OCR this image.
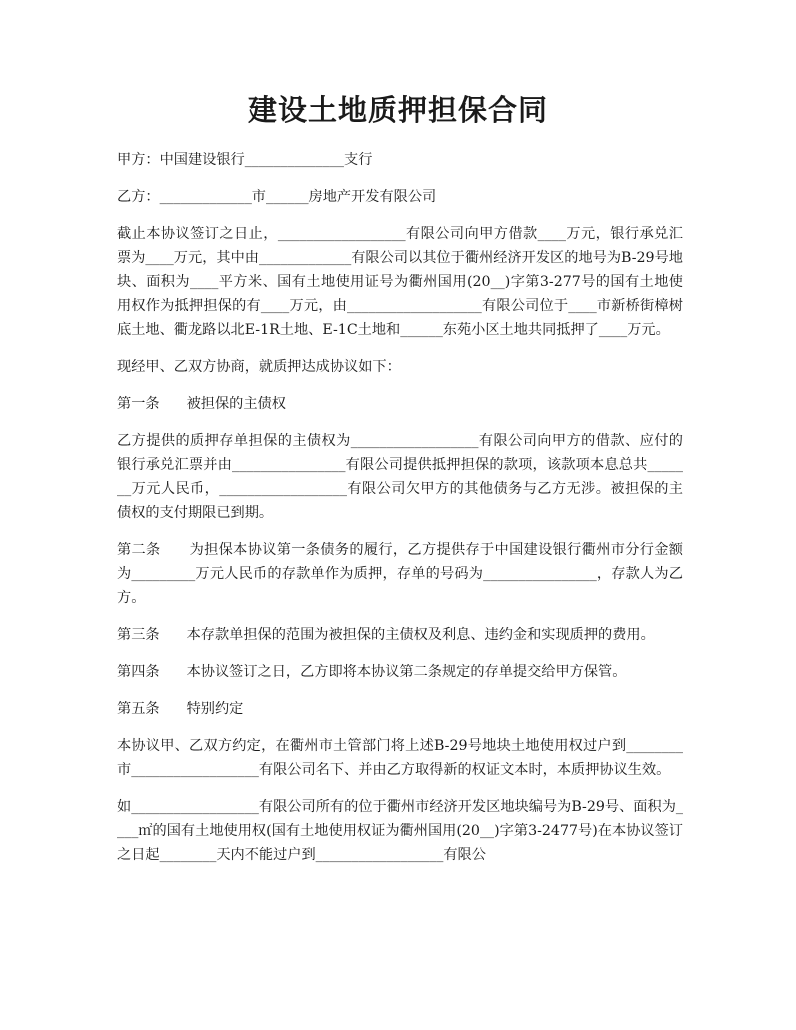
建设土地质押担保合同

甲方：中国建设银行______________支行

乙方：_____________市______房地产开发有限公司

截止本协议签订之日止，__________________有限公司向甲方借款____万元，银行承兑汇票为____万元，其中由_____________有限公司以其位于衢州经济开发区的地号为B-29号地块、面积为____平方米、国有土地使用证号为衢州国用(20__)字第3-277号的国有土地使用权作为抵押担保的有____万元，由___________________有限公司位于____市新桥街樟树底土地、衢龙路以北E-1R土地、E-1C土地和______东苑小区土地共同抵押了____万元。

现经甲、乙双方协商，就质押达成协议如下：

第一条      被担保的主债权

乙方提供的质押存单担保的主债权为__________________有限公司向甲方的借款、应付的银行承兑汇票并由________________有限公司提供抵押担保的款项，该款项本息总共_______万元人民币，__________________有限公司欠甲方的其他债务与乙方无涉。被担保的主债权的支付期限已到期。

第二条      为担保本协议第一条债务的履行，乙方提供存于中国建设银行衢州市分行金额为_________万元人民币的存款单作为质押，存单的号码为________________，存款人为乙方。

第三条      本存款单担保的范围为被担保的主债权及利息、违约金和实现质押的费用。

第四条      本协议签订之日，乙方即将本协议第二条规定的存单提交给甲方保管。

第五条      特别约定

本协议甲、乙双方约定，在衢州市土管部门将上述B-29号地块土地使用权过户到________市__________________有限公司名下、并由乙方取得新的权证文本时，本质押协议生效。

如__________________有限公司所有的位于衢州市经济开发区地块编号为B-29号、面积为____㎡的国有土地使用权(国有土地使用权证为衢州国用(20__)字第3-2477号)在本协议签订之日起________天内不能过户到__________________有限公
